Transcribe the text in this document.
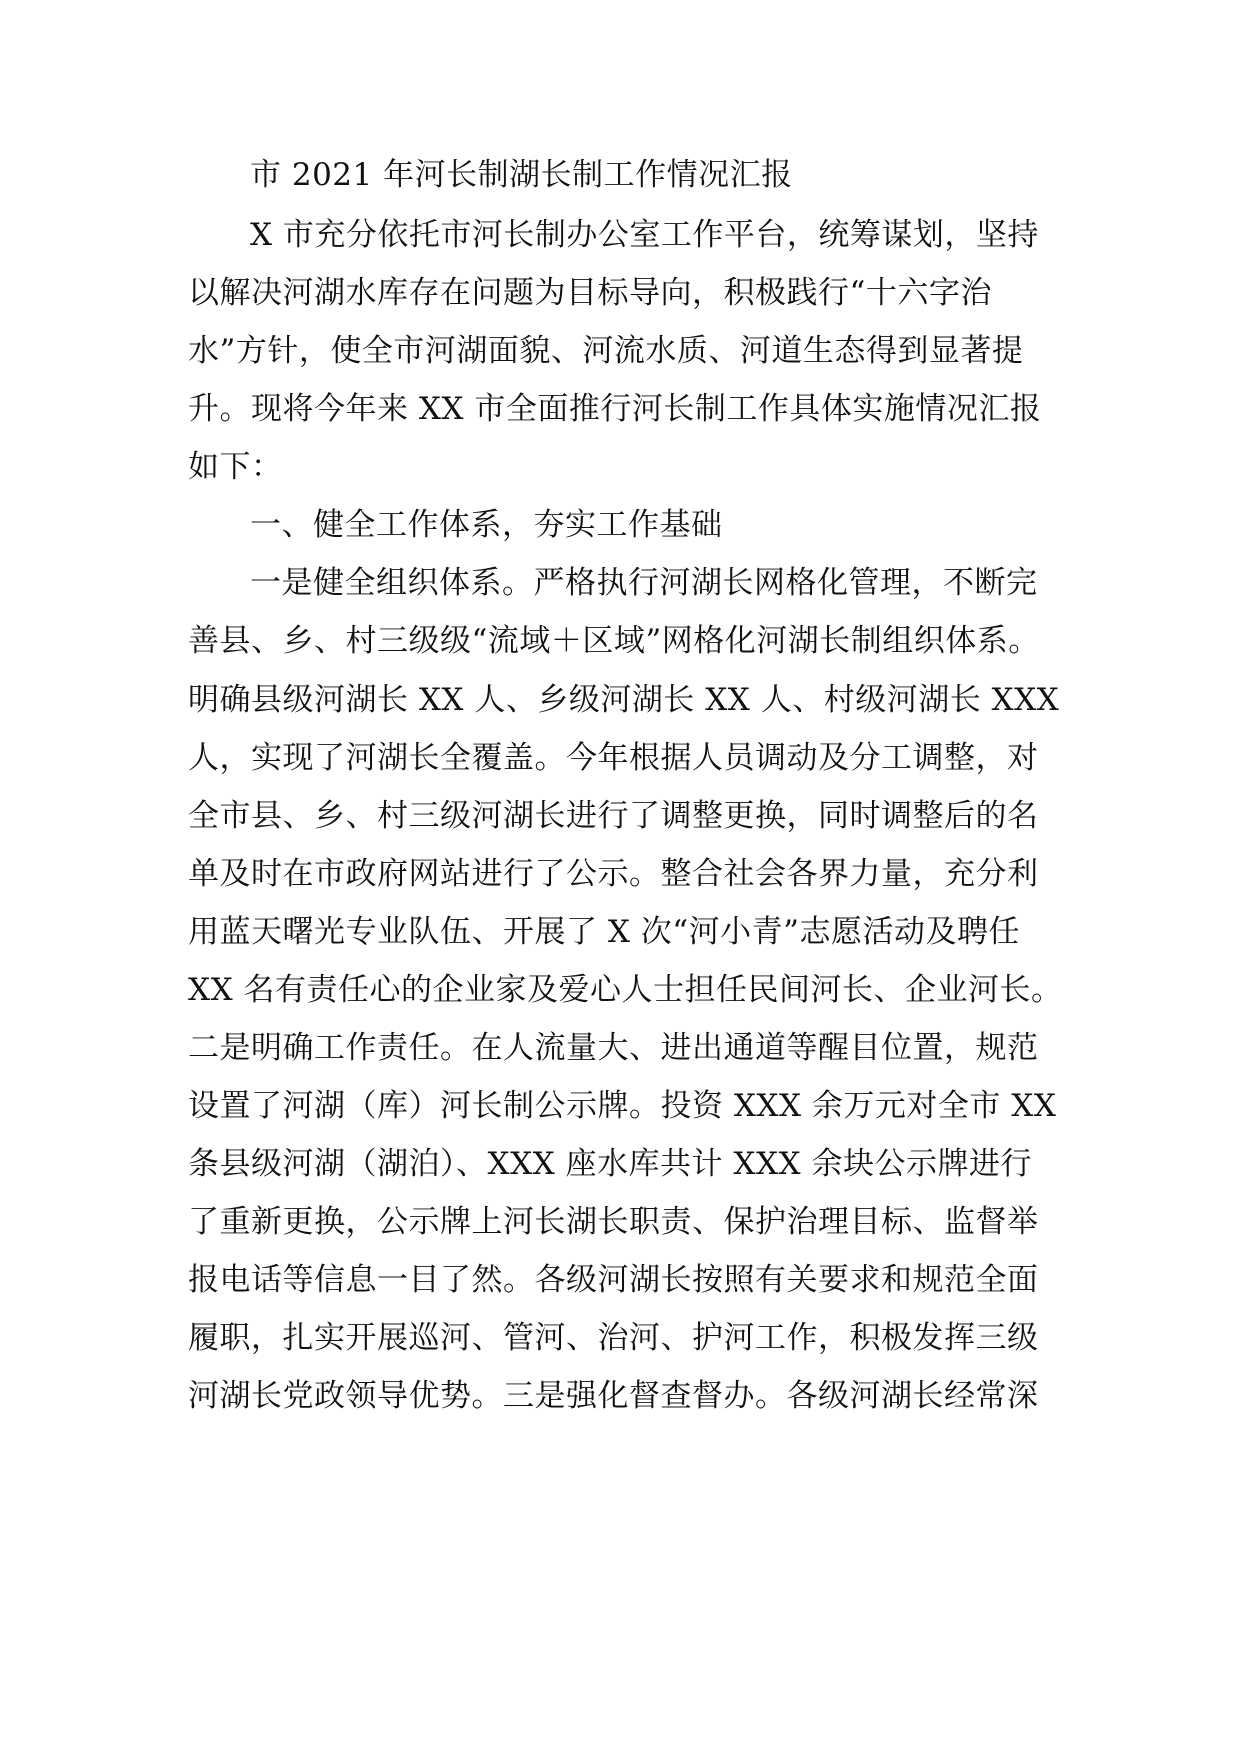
市 2021 年河长制湖长制工作情况汇报
X 市充分依托市河长制办公室工作平台，统筹谋划，坚持
以解决河湖水库存在问题为目标导向，积极践行“十六字治
水”方针，使全市河湖面貌、河流水质、河道生态得到显著提
升。现将今年来 XX 市全面推行河长制工作具体实施情况汇报
如下：
一、健全工作体系，夯实工作基础
一是健全组织体系。严格执行河湖长网格化管理，不断完
善县、乡、村三级级“流域＋区域”网格化河湖长制组织体系。
明确县级河湖长 XX 人、乡级河湖长 XX 人、村级河湖长 XXX
人，实现了河湖长全覆盖。今年根据人员调动及分工调整，对
全市县、乡、村三级河湖长进行了调整更换，同时调整后的名
单及时在市政府网站进行了公示。整合社会各界力量，充分利
用蓝天曙光专业队伍、开展了 X 次“河小青”志愿活动及聘任
XX 名有责任心的企业家及爱心人士担任民间河长、企业河长。
二是明确工作责任。在人流量大、进出通道等醒目位置，规范
设置了河湖（库）河长制公示牌。投资 XXX 余万元对全市 XX
条县级河湖（湖泊）、XXX 座水库共计 XXX 余块公示牌进行
了重新更换，公示牌上河长湖长职责、保护治理目标、监督举
报电话等信息一目了然。各级河湖长按照有关要求和规范全面
履职，扎实开展巡河、管河、治河、护河工作，积极发挥三级
河湖长党政领导优势。三是强化督查督办。各级河湖长经常深
